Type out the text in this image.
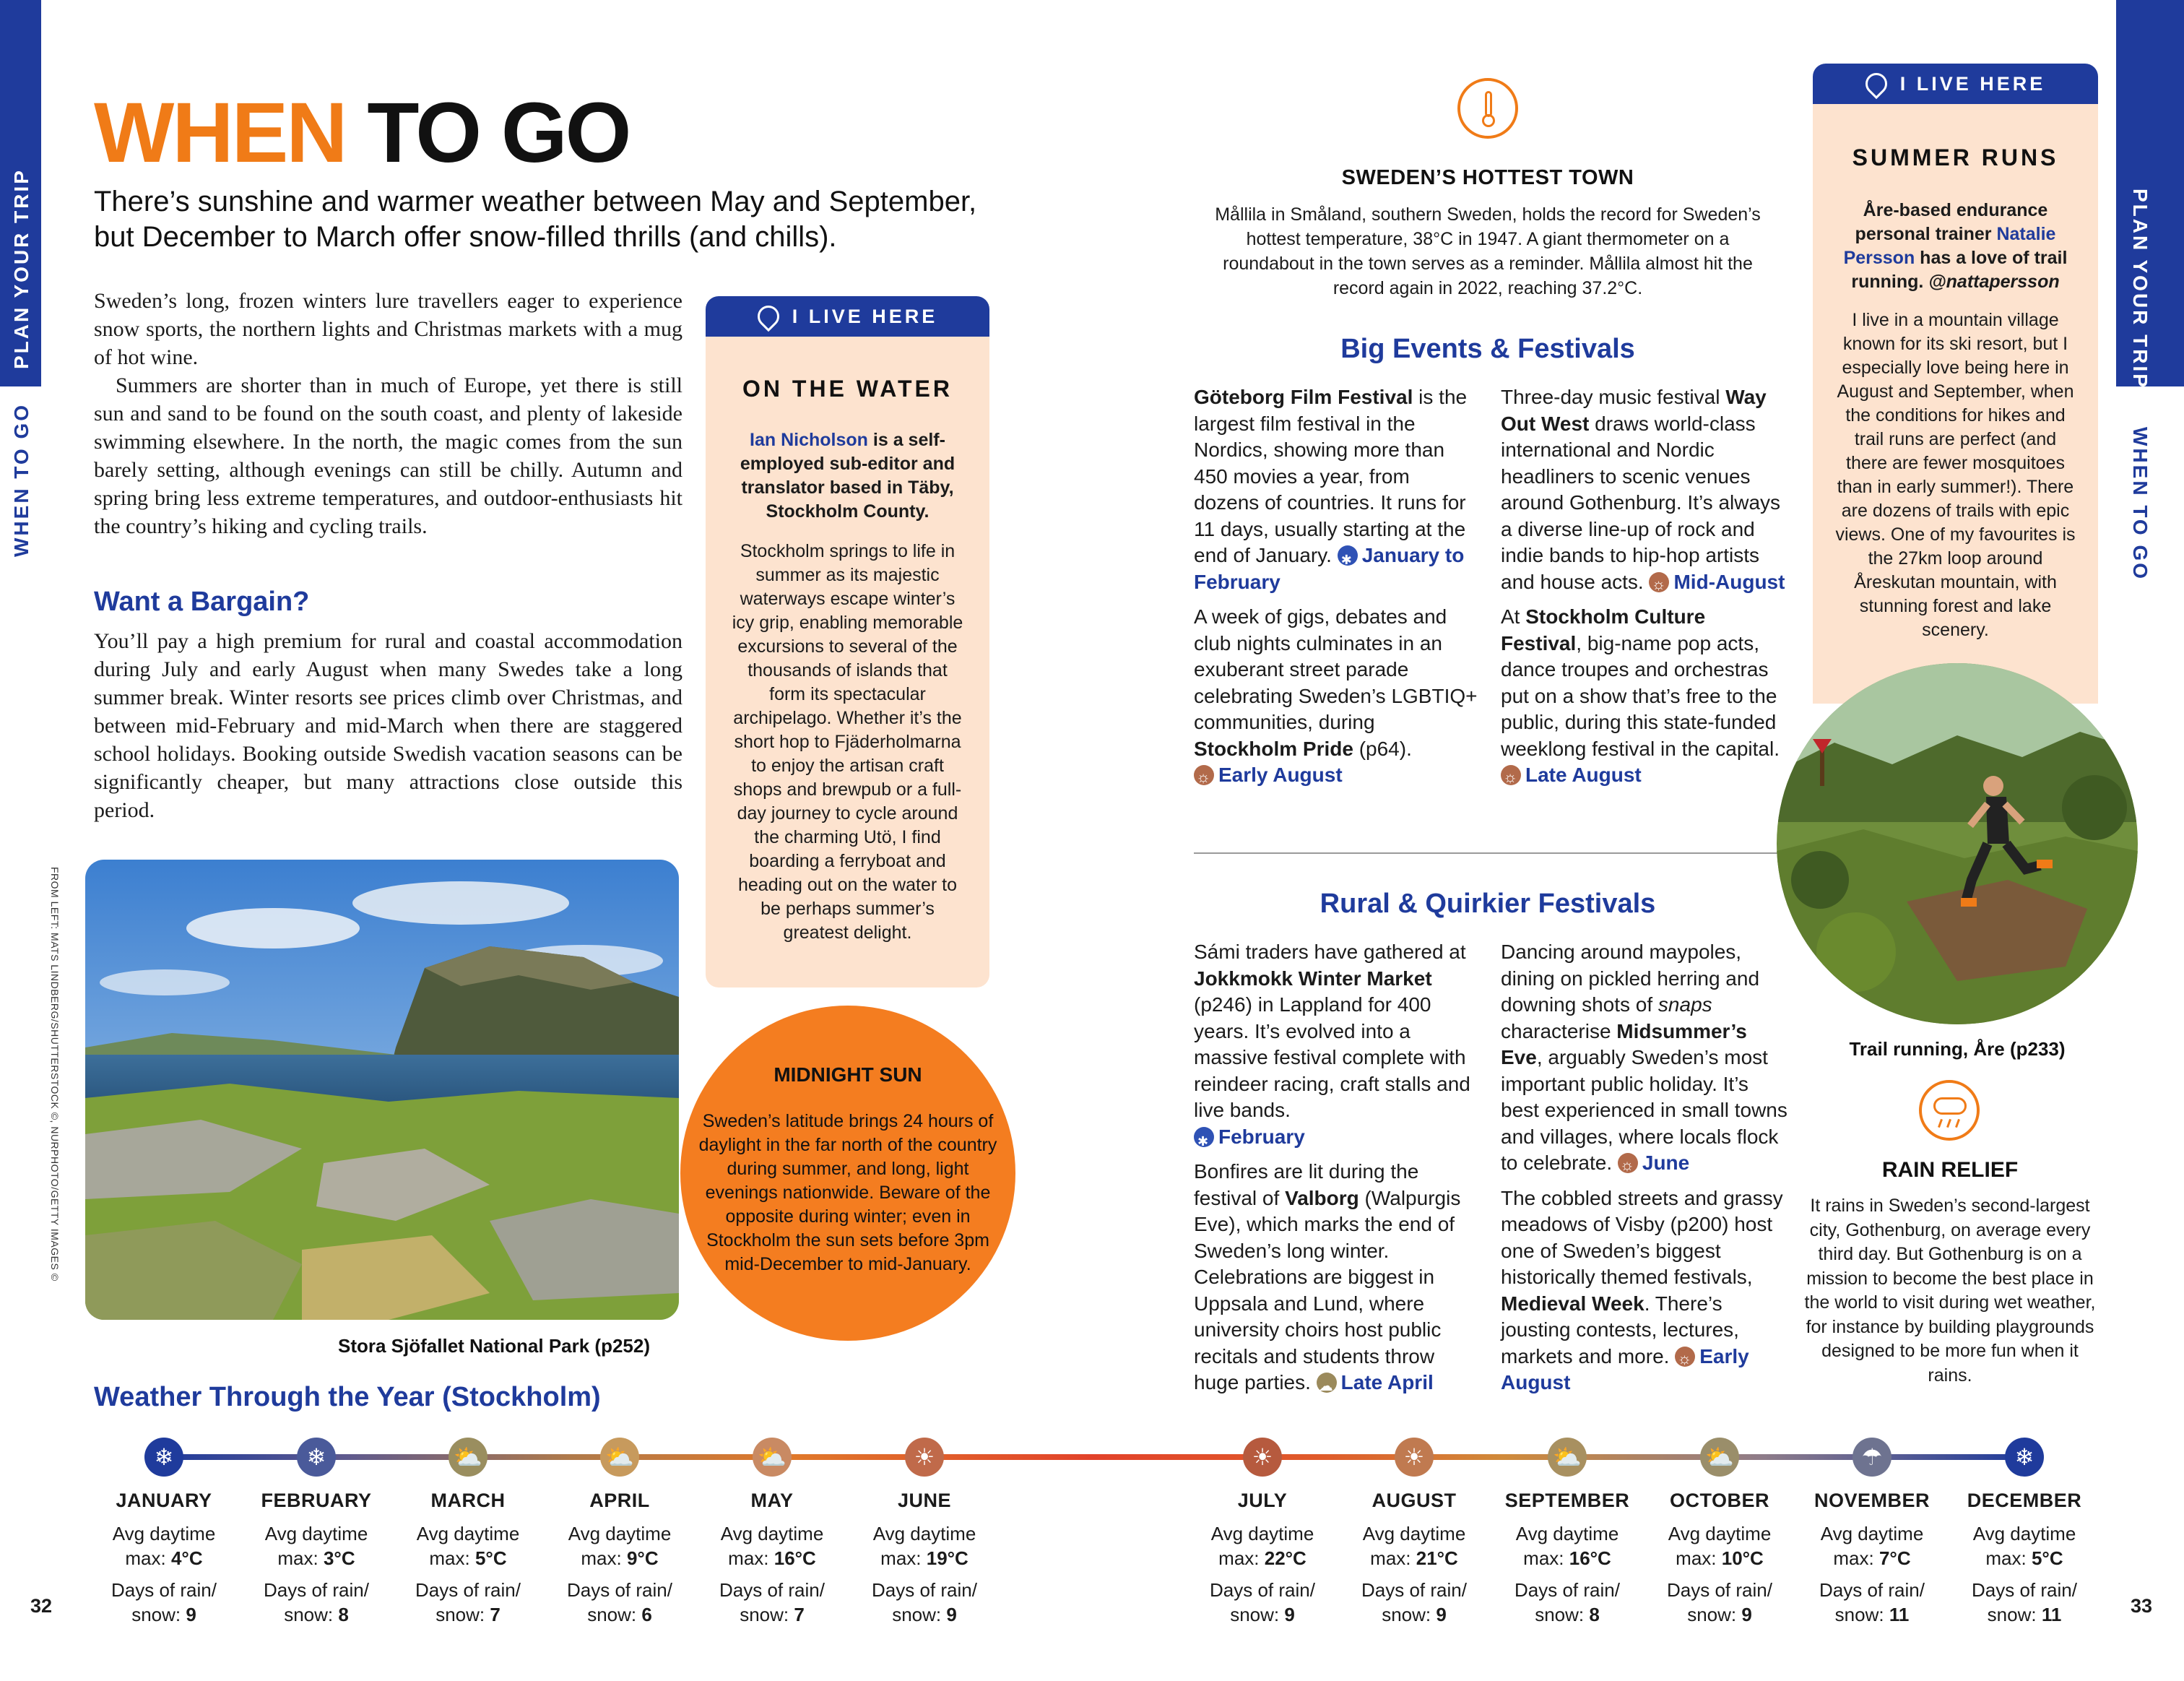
PLAN YOUR TRIP
WHEN TO GO
PLAN YOUR TRIP
WHEN TO GO
WHEN TO GO
There’s sunshine and warmer weather between May and September, but December to March offer snow-filled thrills (and chills).

Sweden’s long, frozen winters lure travellers eager to experience snow sports, the northern lights and Christmas markets with a mug of hot wine.

Summers are shorter than in much of Europe, yet there is still sun and sand to be found on the south coast, and plenty of lakeside swimming elsewhere. In the north, the magic comes from the sun barely setting, although evenings can still be chilly. Autumn and spring bring less extreme temperatures, and outdoor-enthusiasts hit the country’s hiking and cycling trails.

Want a Bargain?

You’ll pay a high premium for rural and coastal accommodation during July and early August when many Swedes take a long summer break. Winter resorts see prices climb over Christmas, and between mid-February and mid-March when there are staggered school holidays. Booking outside Swedish vacation seasons can be significantly cheaper, but many attractions close outside this period.

FROM LEFT: MATS LINDBERG/SHUTTERSTOCK ©, NURPHOTO/GETTY IMAGES ©
Stora Sjöfallet National Park (p252)
I LIVE HERE
ON THE WATER
Ian Nicholson is a self-employed sub-editor and translator based in Täby, Stockholm County.
Stockholm springs to life in summer as its majestic waterways escape winter’s icy grip, enabling memorable excursions to several of the thousands of islands that form its spectacular archipelago. Whether it’s the short hop to Fjäderholmarna to enjoy the artisan craft shops and brewpub or a full-day journey to cycle around the charming Utö, I find boarding a ferryboat and heading out on the water to be perhaps summer’s greatest delight.
MIDNIGHT SUN
Sweden’s latitude brings 24 hours of daylight in the far north of the country during summer, and long, light evenings nationwide. Beware of the opposite during winter; even in Stockholm the sun sets before 3pm mid-December to mid-January.
SWEDEN’S HOTTEST TOWN
Mållila in Småland, southern Sweden, holds the record for Sweden’s hottest temperature, 38°C in 1947. A giant thermometer on a roundabout in the town serves as a reminder. Mållila almost hit the record again in 2022, reaching 37.2°C.
Big Events & Festivals

Göteborg Film Festival is the largest film festival in the Nordics, showing more than 450 movies a year, from dozens of countries. It runs for 11 days, usually starting at the end of January. ✱January to February

A week of gigs, debates and club nights culminates in an exuberant street parade celebrating Sweden’s LGBTIQ+ communities, during Stockholm Pride (p64).
☼Early August

Three-day music festival Way Out West draws world-class international and Nordic headliners to scenic venues around Gothenburg. It’s always a diverse line-up of rock and indie bands to hip-hop artists and house acts. ☼Mid-August

At Stockholm Culture Festival, big-name pop acts, dance troupes and orchestras put on a show that’s free to the public, during this state-funded weeklong festival in the capital. ☼Late August

Rural & Quirkier Festivals

Sámi traders have gathered at Jokkmokk Winter Market (p246) in Lappland for 400 years. It’s evolved into a massive festival complete with reindeer racing, craft stalls and live bands.
✱February

Bonfires are lit during the festival of Valborg (Walpurgis Eve), which marks the end of Sweden’s long winter. Celebrations are biggest in Uppsala and Lund, where university choirs host public recitals and students throw huge parties. ☁Late April

Dancing around maypoles, dining on pickled herring and downing shots of snaps characterise Midsummer’s Eve, arguably Sweden’s most important public holiday. It’s best experienced in small towns and villages, where locals flock to celebrate. ☼June

The cobbled streets and grassy meadows of Visby (p200) host one of Sweden’s biggest historically themed festivals, Medieval Week. There’s jousting contests, lectures, markets and more. ☼Early August

I LIVE HERE
SUMMER RUNS
Åre-based endurance personal trainer Natalie Persson has a love of trail running. @nattapersson
I live in a mountain village known for its ski resort, but I especially love being here in August and September, when the conditions for hikes and trail runs are perfect (and there are fewer mosquitoes than in early summer!). There are dozens of trails with epic views. One of my favourites is the 27km loop around Åreskutan mountain, with stunning forest and lake scenery.
Trail running, Åre (p233)
RAIN RELIEF
It rains in Sweden’s second-largest city, Gothenburg, on average every third day. But Gothenburg is on a mission to become the best place in the world to visit during wet weather, for instance by building playgrounds designed to be more fun when it rains.
Weather Through the Year (Stockholm)
❄
JANUARY
Avg daytime max: 4°C
Days of rain/ snow: 9
❄
FEBRUARY
Avg daytime max: 3°C
Days of rain/ snow: 8
⛅
MARCH
Avg daytime max: 5°C
Days of rain/ snow: 7
⛅
APRIL
Avg daytime max: 9°C
Days of rain/ snow: 6
⛅
MAY
Avg daytime max: 16°C
Days of rain/ snow: 7
☀
JUNE
Avg daytime max: 19°C
Days of rain/ snow: 9
☀
JULY
Avg daytime max: 22°C
Days of rain/ snow: 9
☀
AUGUST
Avg daytime max: 21°C
Days of rain/ snow: 9
⛅
SEPTEMBER
Avg daytime max: 16°C
Days of rain/ snow: 8
⛅
OCTOBER
Avg daytime max: 10°C
Days of rain/ snow: 9
☂
NOVEMBER
Avg daytime max: 7°C
Days of rain/ snow: 11
❄
DECEMBER
Avg daytime max: 5°C
Days of rain/ snow: 11
32	33
